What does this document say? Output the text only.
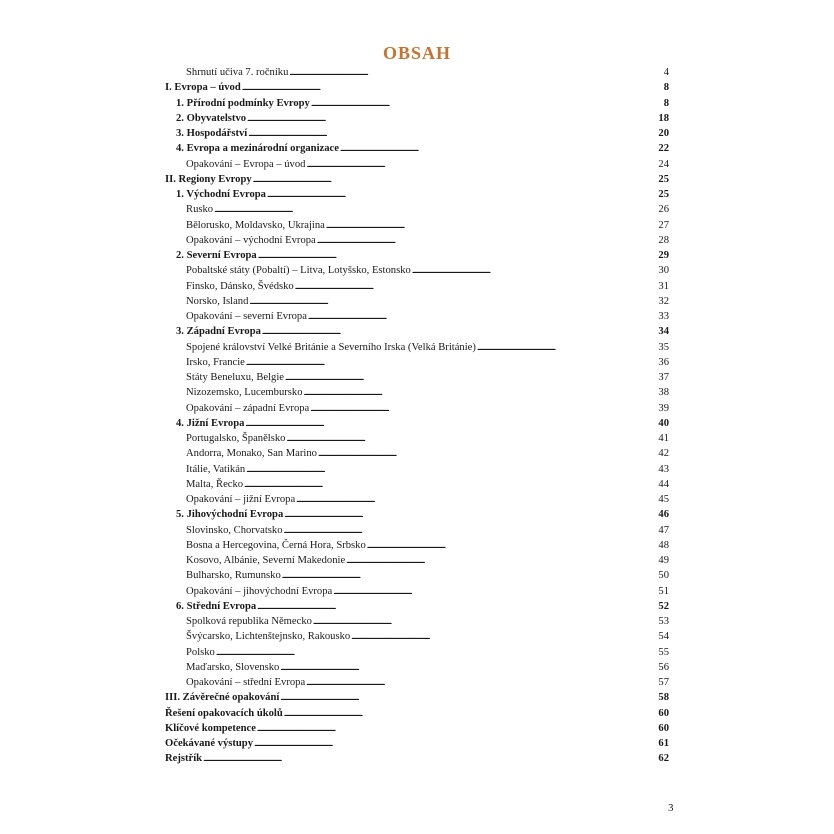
OBSAH
Shrnutí učiva 7. ročníku . . .	4
I. Evropa – úvod . . .	8
1. Přírodní podmínky Evropy . . .	8
2. Obyvatelstvo . . .	18
3. Hospodářství . . .	20
4. Evropa a mezinárodní organizace . . .	22
Opakování – Evropa – úvod . . .	24
II. Regiony Evropy . . .	25
1. Východní Evropa . . .	25
Rusko . . .	26
Bělorusko, Moldavsko, Ukrajina . . .	27
Opakování – východní Evropa . . .	28
2. Severní Evropa . . .	29
Pobaltské státy (Pobaltí) – Litva, Lotyšsko, Estonsko . . .	30
Finsko, Dánsko, Švédsko . . .	31
Norsko, Island . . .	32
Opakování – severní Evropa . . .	33
3. Západní Evropa . . .	34
Spojené království Velké Británie a Severního Irska (Velká Británie) . . .	35
Irsko, Francie . . .	36
Státy Beneluxu, Belgie . . .	37
Nizozemsko, Lucembursko . . .	38
Opakování – západní Evropa . . .	39
4. Jižní Evropa . . .	40
Portugalsko, Španělsko . . .	41
Andorra, Monako, San Marino . . .	42
Itálie, Vatikán . . .	43
Malta, Řecko . . .	44
Opakování – jižní Evropa . . .	45
5. Jihovýchodní Evropa . . .	46
Slovinsko, Chorvatsko . . .	47
Bosna a Hercegovina, Černá Hora, Srbsko . . .	48
Kosovo, Albánie, Severní Makedonie . . .	49
Bulharsko, Rumunsko . . .	50
Opakování – jihovýchodní Evropa . . .	51
6. Střední Evropa . . .	52
Spolková republika Německo . . .	53
Švýcarsko, Lichtenštejnsko, Rakousko . . .	54
Polsko . . .	55
Maďarsko, Slovensko . . .	56
Opakování – střední Evropa . . .	57
III. Závěrečné opakování . . .	58
Řešení opakovacích úkolů . . .	60
Klíčové kompetence . . .	60
Očekávané výstupy . . .	61
Rejstřík . . .	62
3
